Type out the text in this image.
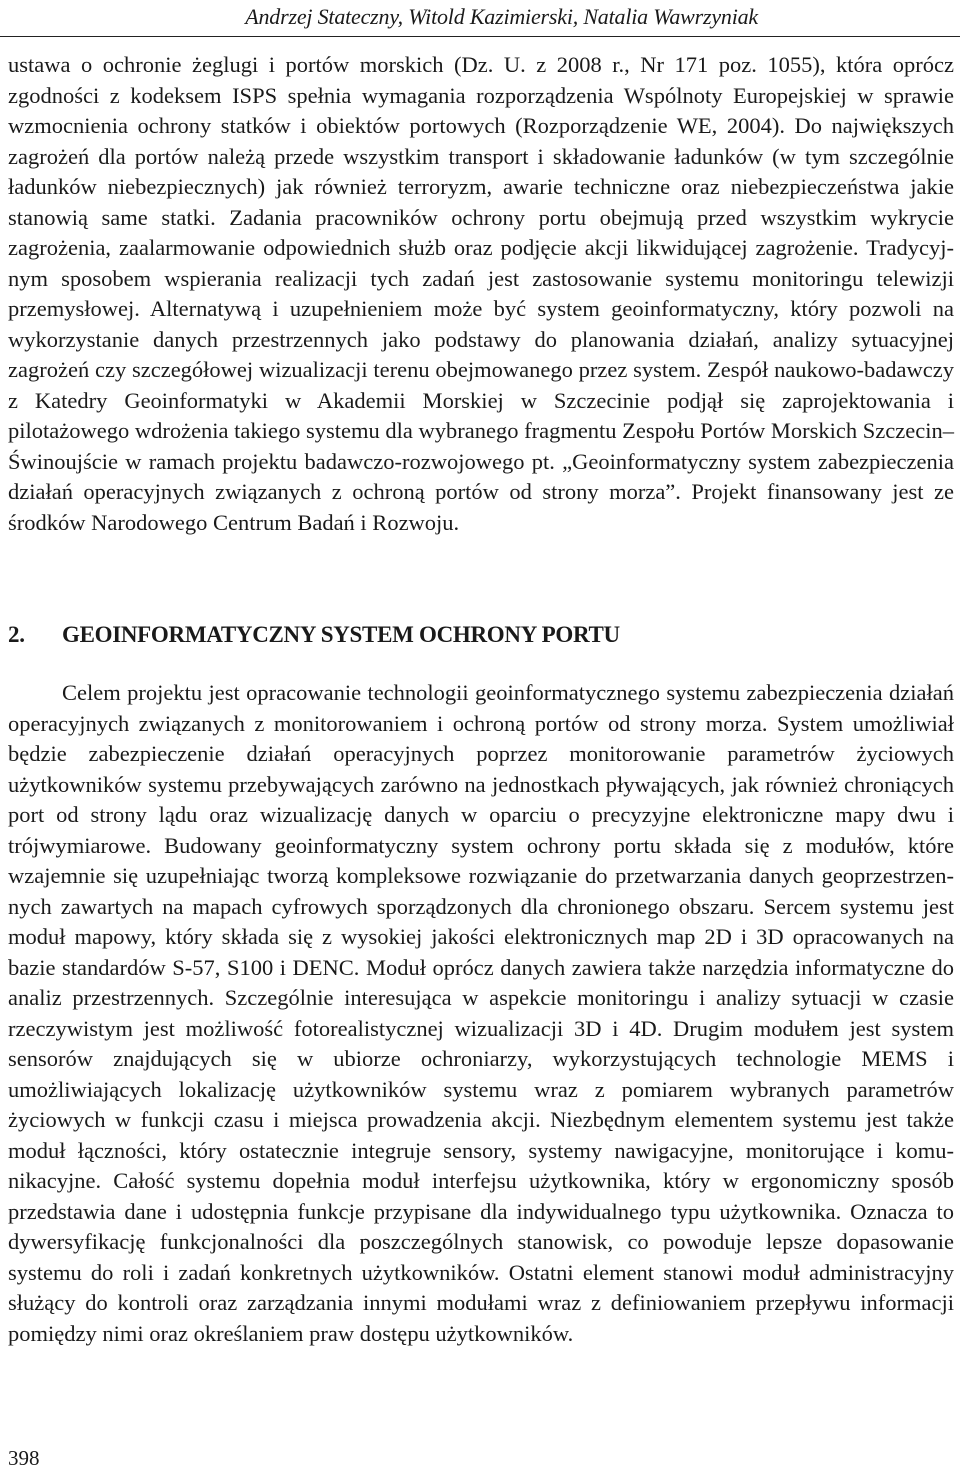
Andrzej Stateczny, Witold Kazimierski, Natalia Wawrzyniak

ustawa o ochronie żeglugi i portów morskich (Dz. U. z 2008 r., Nr 171 poz. 1055), która oprócz zgodności z kodeksem ISPS spełnia wymagania rozporządzenia Wspólnoty Europejskiej w sprawie wzmocnienia ochrony statków i obiektów portowych (Rozporządzenie WE, 2004). Do największych zagrożeń dla portów należą przede wszystkim transport i składowanie ładunków (w tym szczególnie ładunków niebezpiecznych) jak również terroryzm, awarie techniczne oraz niebezpieczeństwa jakie stanowią same statki. Zadania pracowników ochrony portu obejmują przed wszystkim wykrycie zagrożenia, zaalarmowanie odpowiednich służb oraz podjęcie akcji likwidującej zagrożenie. Tradycyjnym sposobem wspierania realizacji tych zadań jest zastosowanie systemu monitoringu telewizji przemysłowej. Alternatywą i uzupełnieniem może być system geoinformatyczny, który pozwoli na wykorzystanie danych przestrzennych jako podstawy do planowania działań, analizy sytuacyjnej zagrożeń czy szczegółowej wizualizacji terenu obejmowanego przez system. Zespół naukowo-badawczy z Katedry Geoinformatyki w Akademii Morskiej w Szczecinie podjął się zaprojektowania i pilotażowego wdrożenia takiego systemu dla wybranego fragmentu Zespołu Portów Morskich Szczecin–Świnoujście w ramach projektu badawczo-rozwojowego pt. „Geoinformatyczny system zabezpieczenia działań operacyjnych związanych z ochroną portów od strony morza”. Projekt finansowany jest ze środków Narodowego Centrum Badań i Rozwoju.

2. GEOINFORMATYCZNY SYSTEM OCHRONY PORTU

Celem projektu jest opracowanie technologii geoinformatycznego systemu zabezpieczenia działań operacyjnych związanych z monitorowaniem i ochroną portów od strony morza. System umożliwiał będzie zabezpieczenie działań operacyjnych poprzez monitorowanie parametrów życiowych użytkowników systemu przebywających zarówno na jednostkach pływających, jak również chroniących port od strony lądu oraz wizualizację danych w oparciu o precyzyjne elektroniczne mapy dwu i trójwymiarowe. Budowany geoinformatyczny system ochrony portu składa się z modułów, które wzajemnie się uzupełniając tworzą kompleksowe rozwiązanie do przetwarzania danych geoprzestrzennych zawartych na mapach cyfrowych sporządzonych dla chronionego obszaru. Sercem systemu jest moduł mapowy, który składa się z wysokiej jakości elektronicznych map 2D i 3D opracowanych na bazie standardów S-57, S100 i DENC. Moduł oprócz danych zawiera także narzędzia informatyczne do analiz przestrzennych. Szczególnie interesująca w aspekcie monitoringu i analizy sytuacji w czasie rzeczywistym jest możliwość fotorealistycznej wizualizacji 3D i 4D. Drugim modułem jest system sensorów znajdujących się w ubiorze ochroniarzy, wykorzystujących technologie MEMS i umożliwiających lokalizację użytkowników systemu wraz z pomiarem wybranych parametrów życiowych w funkcji czasu i miejsca prowadzenia akcji. Niezbędnym elementem systemu jest także moduł łączności, który ostatecznie integruje sensory, systemy nawigacyjne, monitorujące i komunikacyjne. Całość systemu dopełnia moduł interfejsu użytkownika, który w ergonomiczny sposób przedstawia dane i udostępnia funkcje przypisane dla indywidualnego typu użytkownika. Oznacza to dywersyfikację funkcjonalności dla poszczególnych stanowisk, co powoduje lepsze dopasowanie systemu do roli i zadań konkretnych użytkowników. Ostatni element stanowi moduł administracyjny służący do kontroli oraz zarządzania innymi modułami wraz z definiowaniem przepływu informacji pomiędzy nimi oraz określaniem praw dostępu użytkowników.

398
